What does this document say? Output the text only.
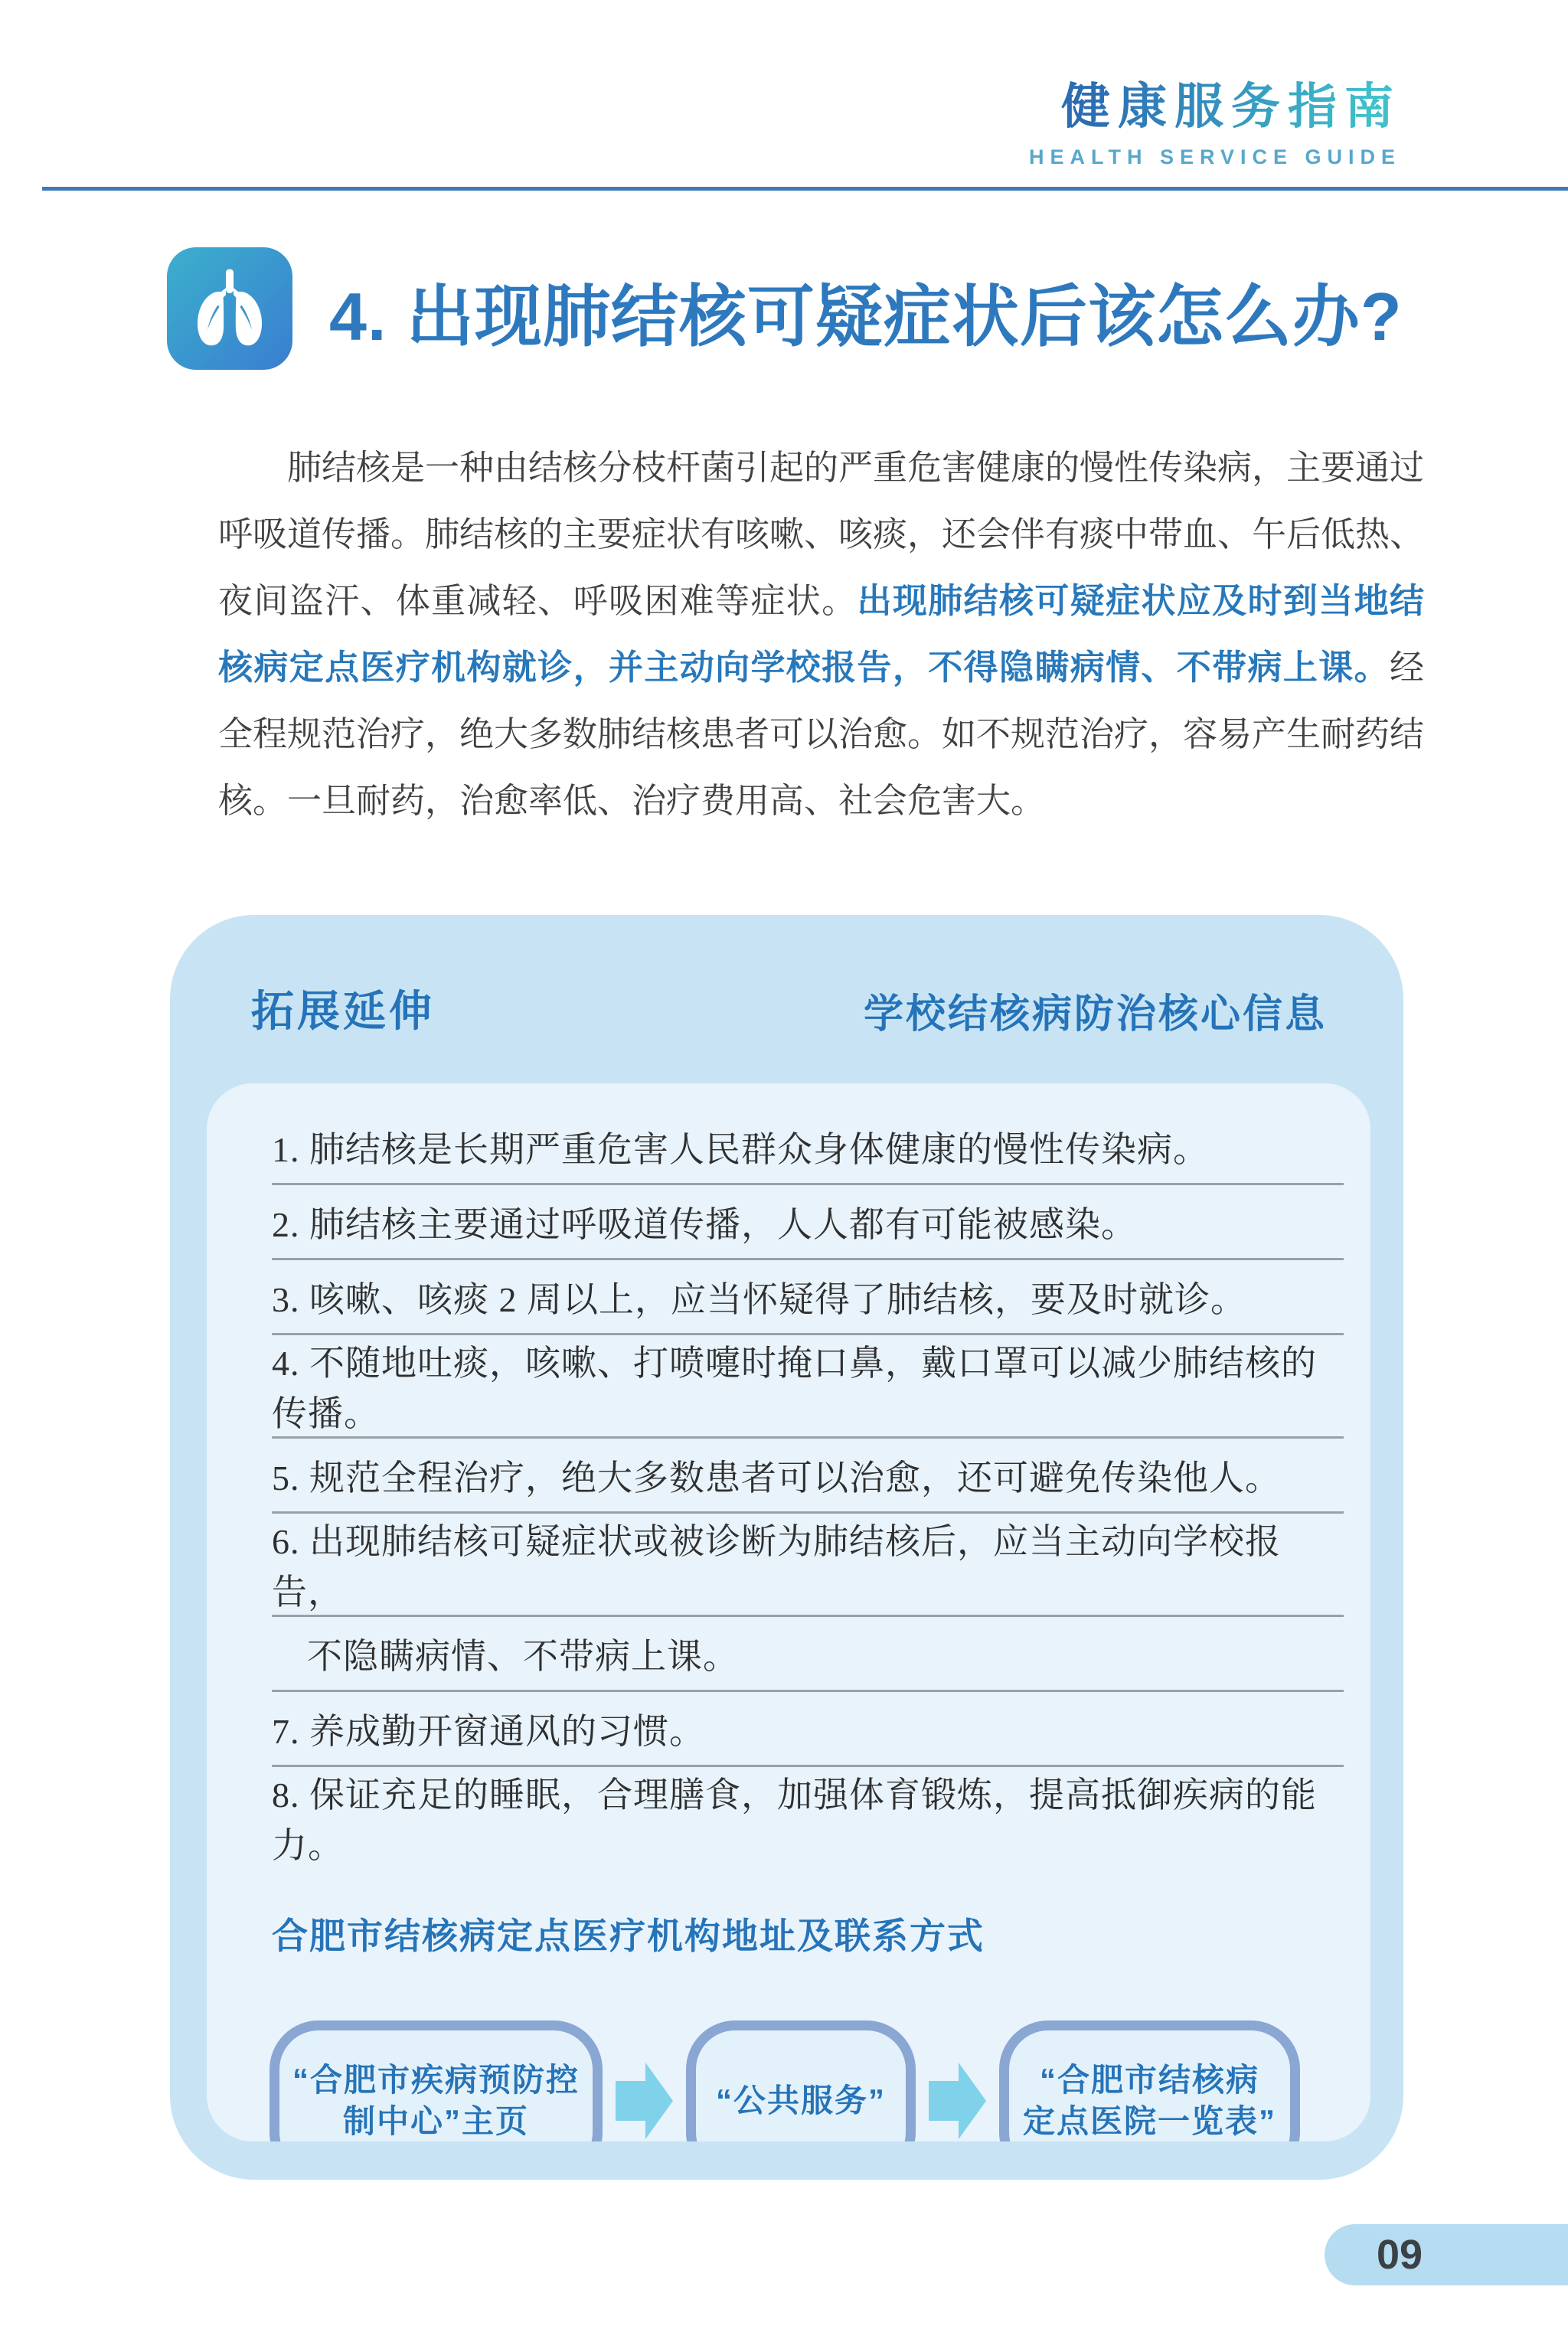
健康服务指南
HEALTH SERVICE GUIDE
4. 出现肺结核可疑症状后该怎么办?

肺结核是一种由结核分枝杆菌引起的严重危害健康的慢性传染病，主要通过呼吸道传播。肺结核的主要症状有咳嗽、咳痰，还会伴有痰中带血、午后低热、夜间盗汗、体重减轻、呼吸困难等症状。出现肺结核可疑症状应及时到当地结核病定点医疗机构就诊，并主动向学校报告，不得隐瞒病情、不带病上课。经全程规范治疗，绝大多数肺结核患者可以治愈。如不规范治疗，容易产生耐药结核。一旦耐药，治愈率低、治疗费用高、社会危害大。

拓展延伸	学校结核病防治核心信息
1. 肺结核是长期严重危害人民群众身体健康的慢性传染病。
2. 肺结核主要通过呼吸道传播，人人都有可能被感染。
3. 咳嗽、咳痰 2 周以上，应当怀疑得了肺结核，要及时就诊。
4. 不随地吐痰，咳嗽、打喷嚏时掩口鼻，戴口罩可以减少肺结核的传播。
5. 规范全程治疗，绝大多数患者可以治愈，还可避免传染他人。
6. 出现肺结核可疑症状或被诊断为肺结核后，应当主动向学校报告，
不隐瞒病情、不带病上课。
7. 养成勤开窗通风的习惯。
8. 保证充足的睡眠，合理膳食，加强体育锻炼，提高抵御疾病的能力。
合肥市结核病定点医疗机构地址及联系方式
“合肥市疾病预防控
制中心”主页
“公共服务”
“合肥市结核病
定点医院一览表”
09
